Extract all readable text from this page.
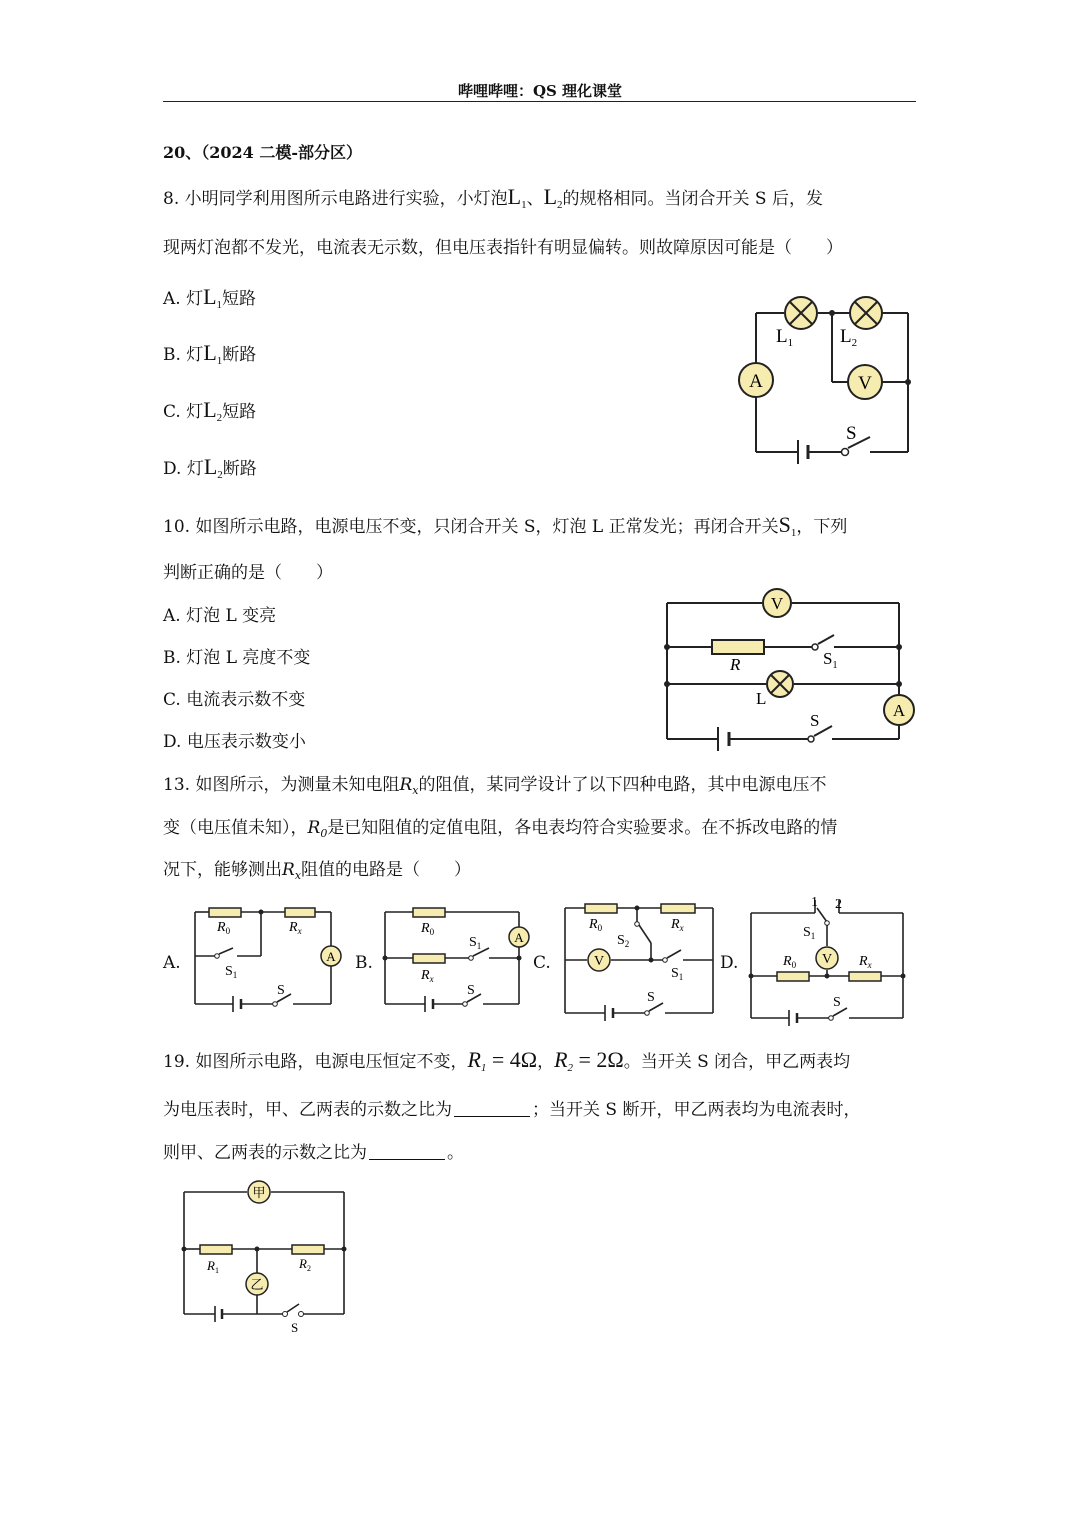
哔哩哔哩：QS 理化课堂
20、（2024 二模-部分区）
8. 小明同学利用图所示电路进行实验，小灯泡$L_1$、$L_2$的规格相同。当闭合开关 S 后，发
现两灯泡都不发光，电流表无示数，但电压表指针有明显偏转。则故障原因可能是（　　）
A. 灯$L_1$短路
B. 灯$L_1$断路
C. 灯$L_2$短路
D. 灯$L_2$断路
A	V
$L_1$ $L_2$
S
10. 如图所示电路，电源电压不变，只闭合开关 S，灯泡 L 正常发光；再闭合开关$S_1$，下列
判断正确的是（　　）
A. 灯泡 L 变亮
B. 灯泡 L 亮度不变
C. 电流表示数不变
D. 电压表示数变小
V
A
R	$S_1$
L
S
13. 如图所示，为测量未知电阻$R_x$的阻值，某同学设计了以下四种电路，其中电源电压不
变（电压值未知），$R_0$是已知阻值的定值电阻，各电表均符合实验要求。在不拆改电路的情
况下，能够测出$R_x$阻值的电路是（　　）
A.	B.	C.	D.
A
$R_0$	$R_x$
$S_1$
S
A
$R_0$
$R_x$
$S_1$
S
V
$R_0$	$R_x$
$S_2$
$S_1$
S
V
1 2
$S_1$
$R_0$	$R_x$
S
19. 如图所示电路，电源电压恒定不变，$R_1 = 4\Omega$，$R_2 = 2\Omega$。当开关 S 闭合，甲乙两表均
为电压表时，甲、乙两表的示数之比为	；当开关 S 断开，甲乙两表均为电流表时，
则甲、乙两表的示数之比为	。
甲
乙
$R_1$	$R_2$
S
